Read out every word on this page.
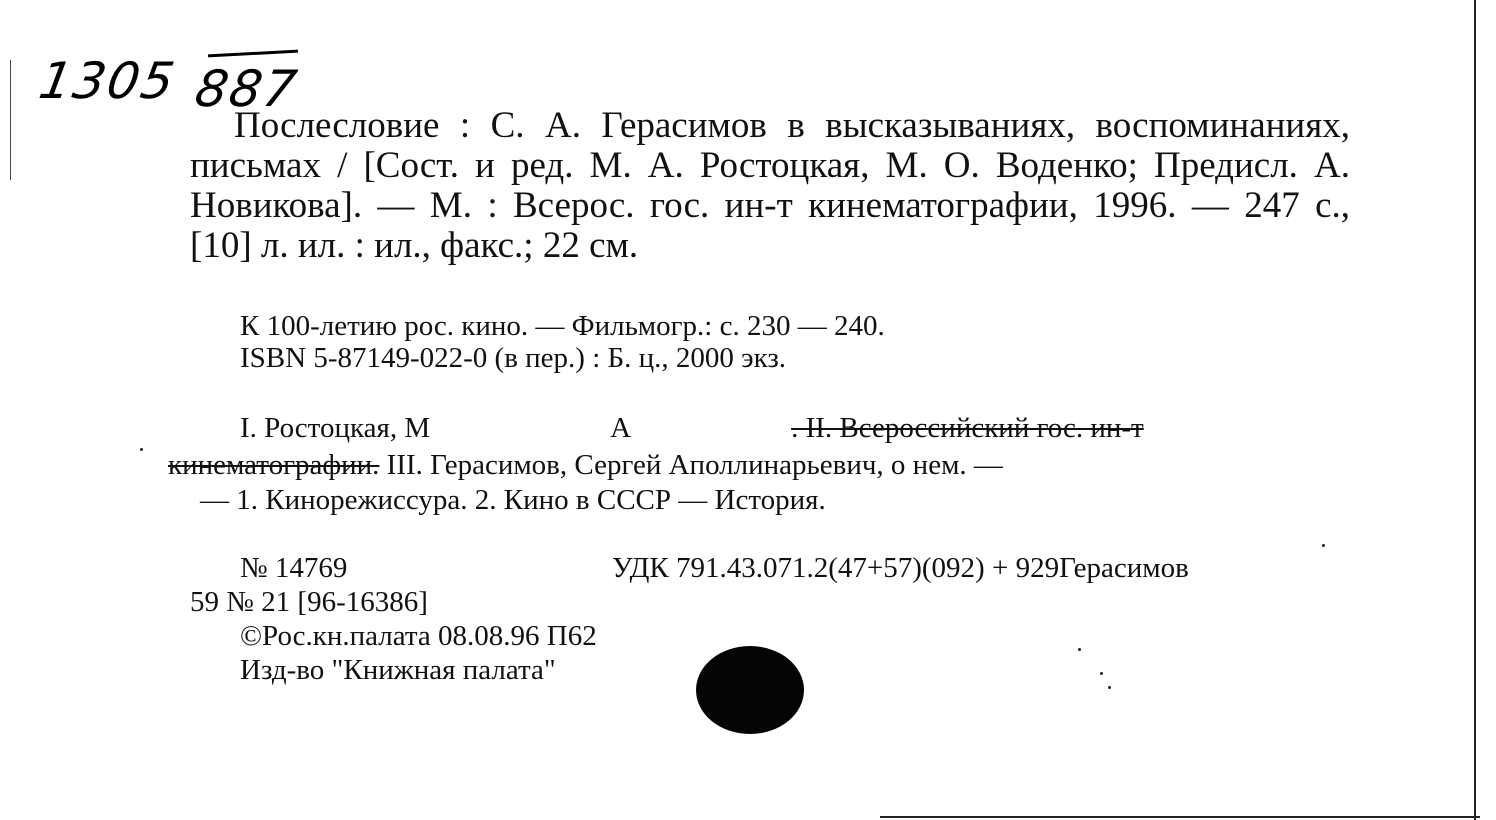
1305 887
Послесловие : С. А. Герасимов в высказываниях, воспоминаниях, письмах / [Сост. и ред. М. А. Ростоцкая, М. О. Воденко; Предисл. А. Новикова]. — М. : Всерос. гос. ин-т кинематографии, 1996. — 247 с., [10] л. ил. : ил., факс.; 22 см.
К 100-летию рос. кино. — Фильмогр.: с. 230 — 240.
ISBN 5-87149-022-0 (в пер.) : Б. ц., 2000 экз.
I. Ростоцкая, М	А	. II. Всероссийский гос. ин-т
кинематографии. III. Герасимов, Сергей Аполлинарьевич, о нем. —
— 1. Кинорежиссура. 2. Кино в СССР — История.
№ 14769	УДК 791.43.071.2(47+57)(092) + 929Герасимов
59 № 21 [96-16386]
©Рос.кн.палата 08.08.96 П62
Изд-во "Книжная палата"
